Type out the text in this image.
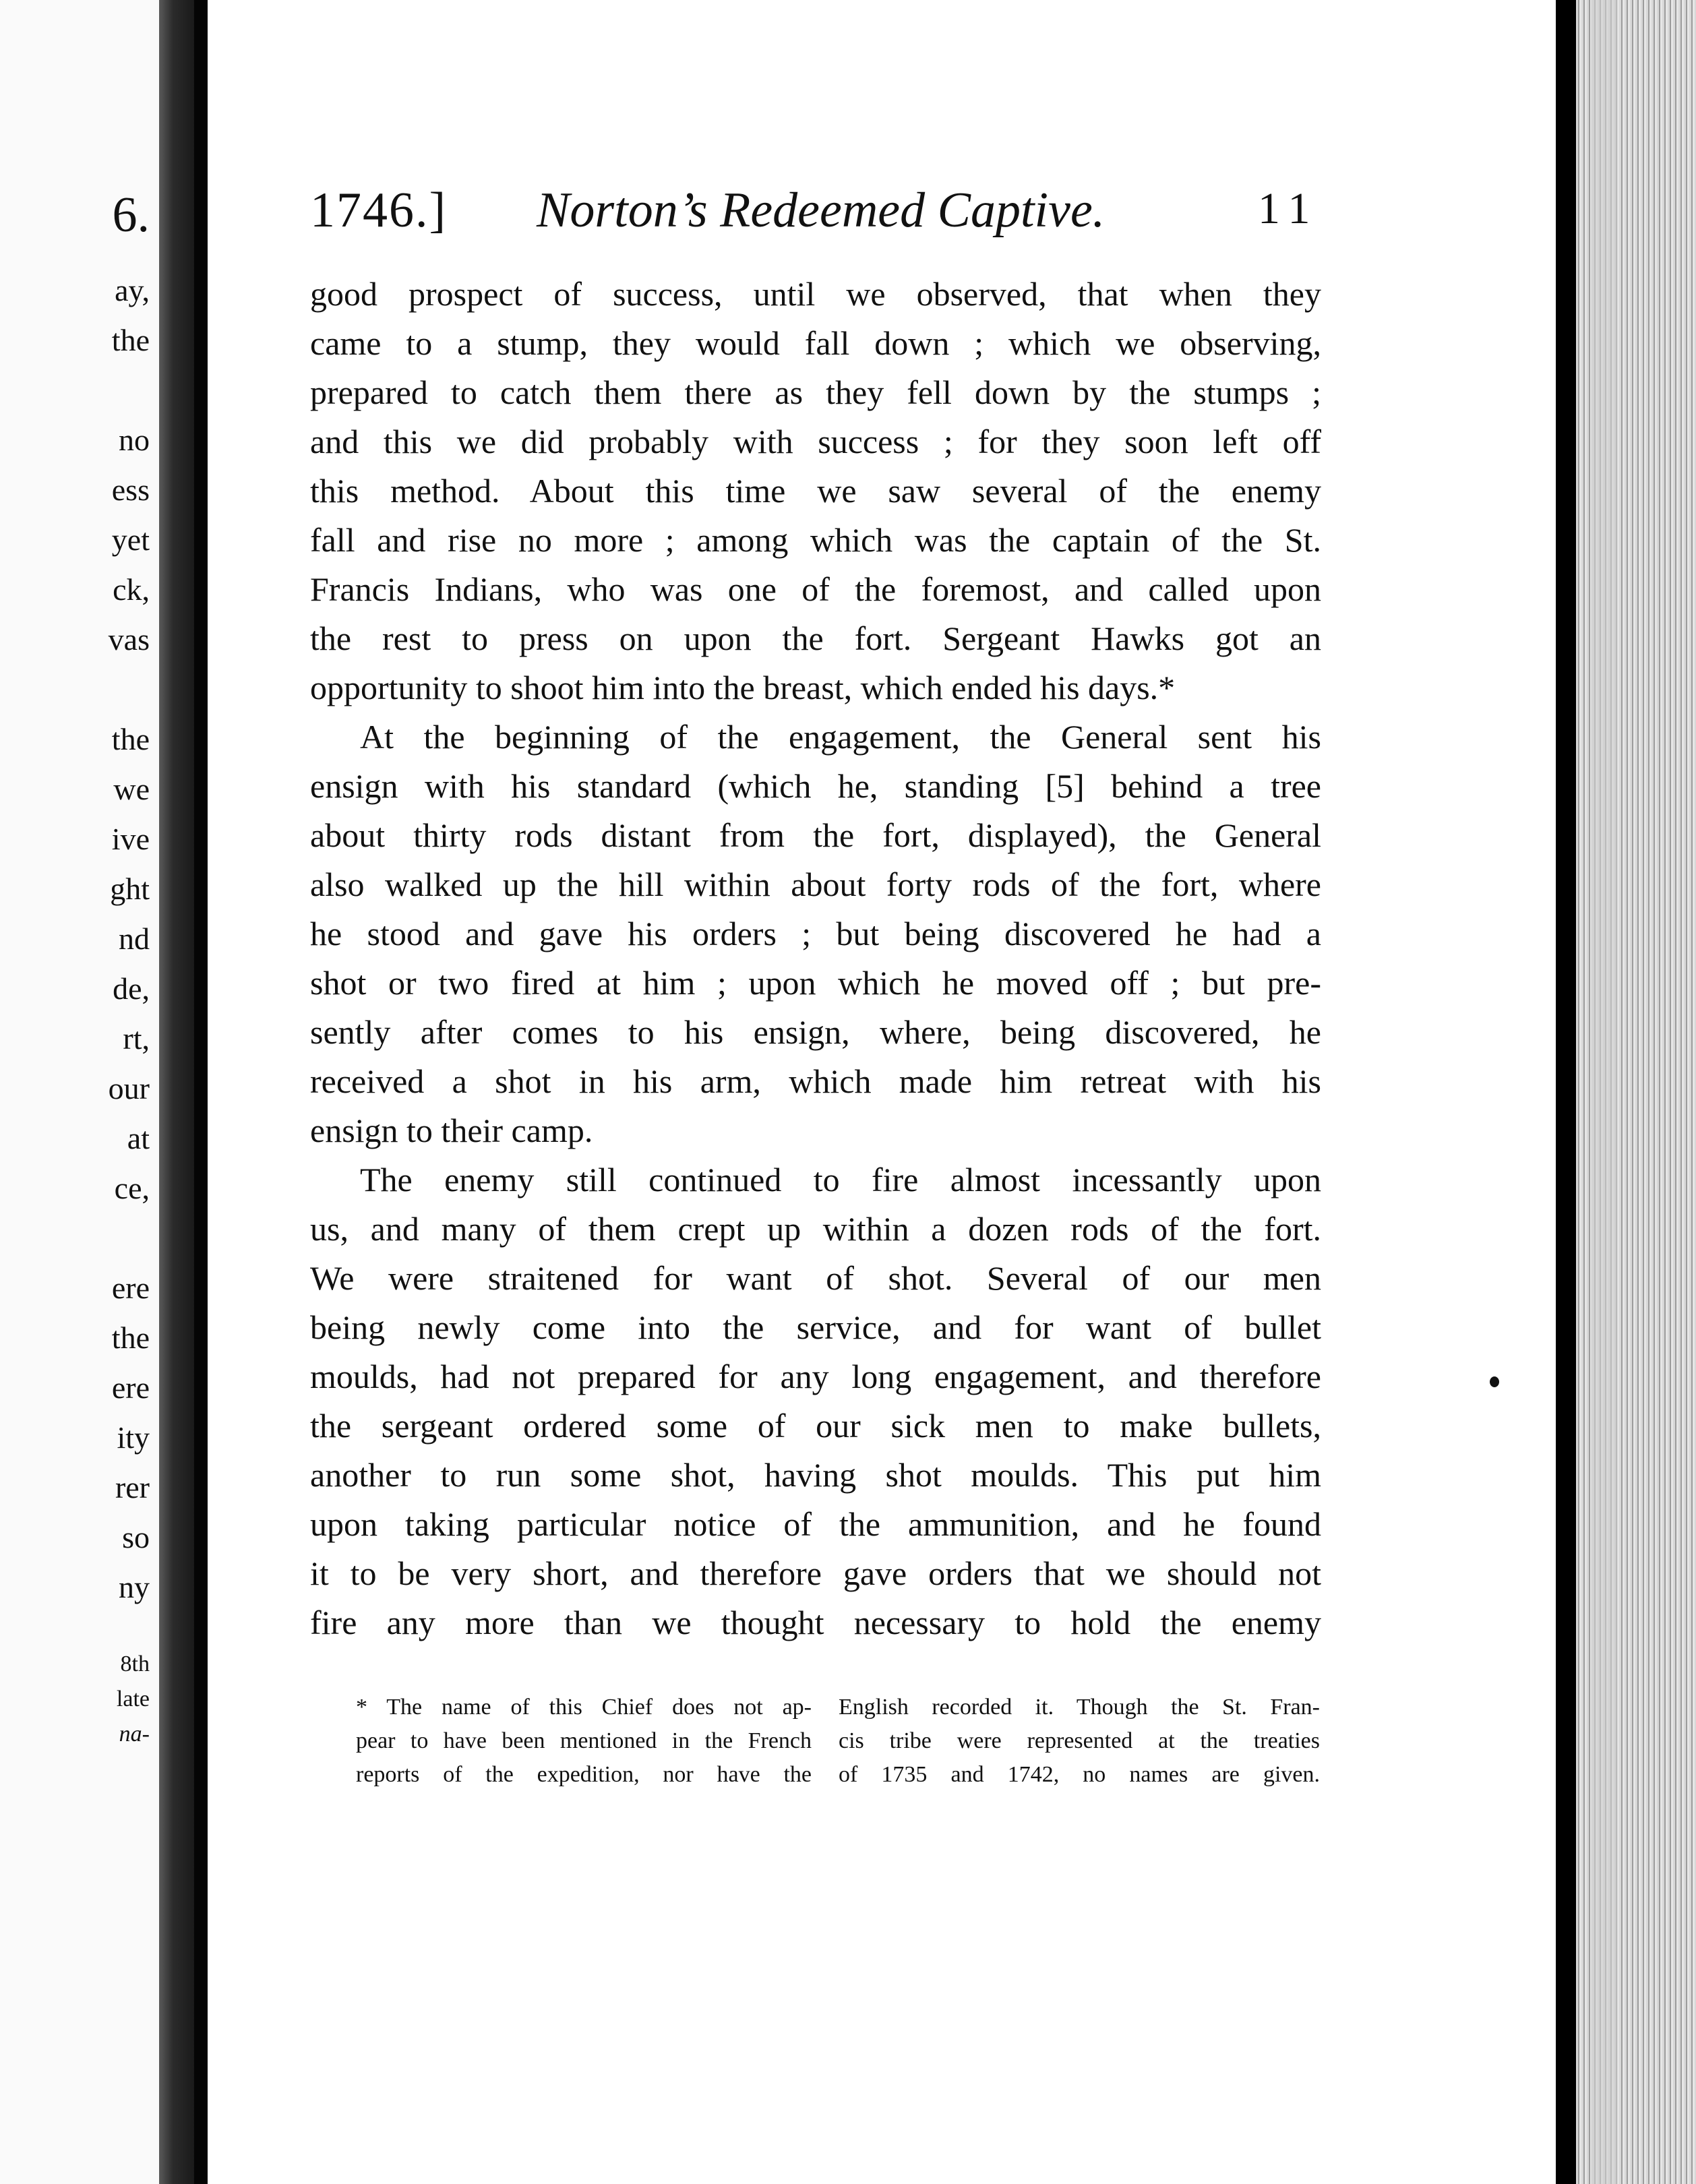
6.
ay,
the
no
ess
yet
ck,
vas
the
we
ive
ght
nd
de,
rt,
our
at
ce,
ere
the
ere
ity
rer
so
ny
8th
late
na-
1746.] Norton’s Redeemed Captive.	11
good prospect of success, until we observed, that when they
came to a stump, they would fall down ; which we observing,
prepared to catch them there as they fell down by the stumps ;
and this we did probably with success ; for they soon left off
this method. About this time we saw several of the enemy
fall and rise no more ; among which was the captain of the St.
Francis Indians, who was one of the foremost, and called upon
the rest to press on upon the fort. Sergeant Hawks got an
opportunity to shoot him into the breast, which ended his days.*
At the beginning of the engagement, the General sent his
ensign with his standard (which he, standing [5] behind a tree
about thirty rods distant from the fort, displayed), the General
also walked up the hill within about forty rods of the fort, where
he stood and gave his orders ; but being discovered he had a
shot or two fired at him ; upon which he moved off ; but pre-
sently after comes to his ensign, where, being discovered, he
received a shot in his arm, which made him retreat with his
ensign to their camp.
The enemy still continued to fire almost incessantly upon
us, and many of them crept up within a dozen rods of the fort.
We were straitened for want of shot. Several of our men
being newly come into the service, and for want of bullet
moulds, had not prepared for any long engagement, and therefore
the sergeant ordered some of our sick men to make bullets,
another to run some shot, having shot moulds. This put him
upon taking particular notice of the ammunition, and he found
it to be very short, and therefore gave orders that we should not
fire any more than we thought necessary to hold the enemy
* The name of this Chief does not ap-
pear to have been mentioned in the French
reports of the expedition, nor have the
English recorded it. Though the St. Fran-
cis tribe were represented at the treaties
of 1735 and 1742, no names are given.
